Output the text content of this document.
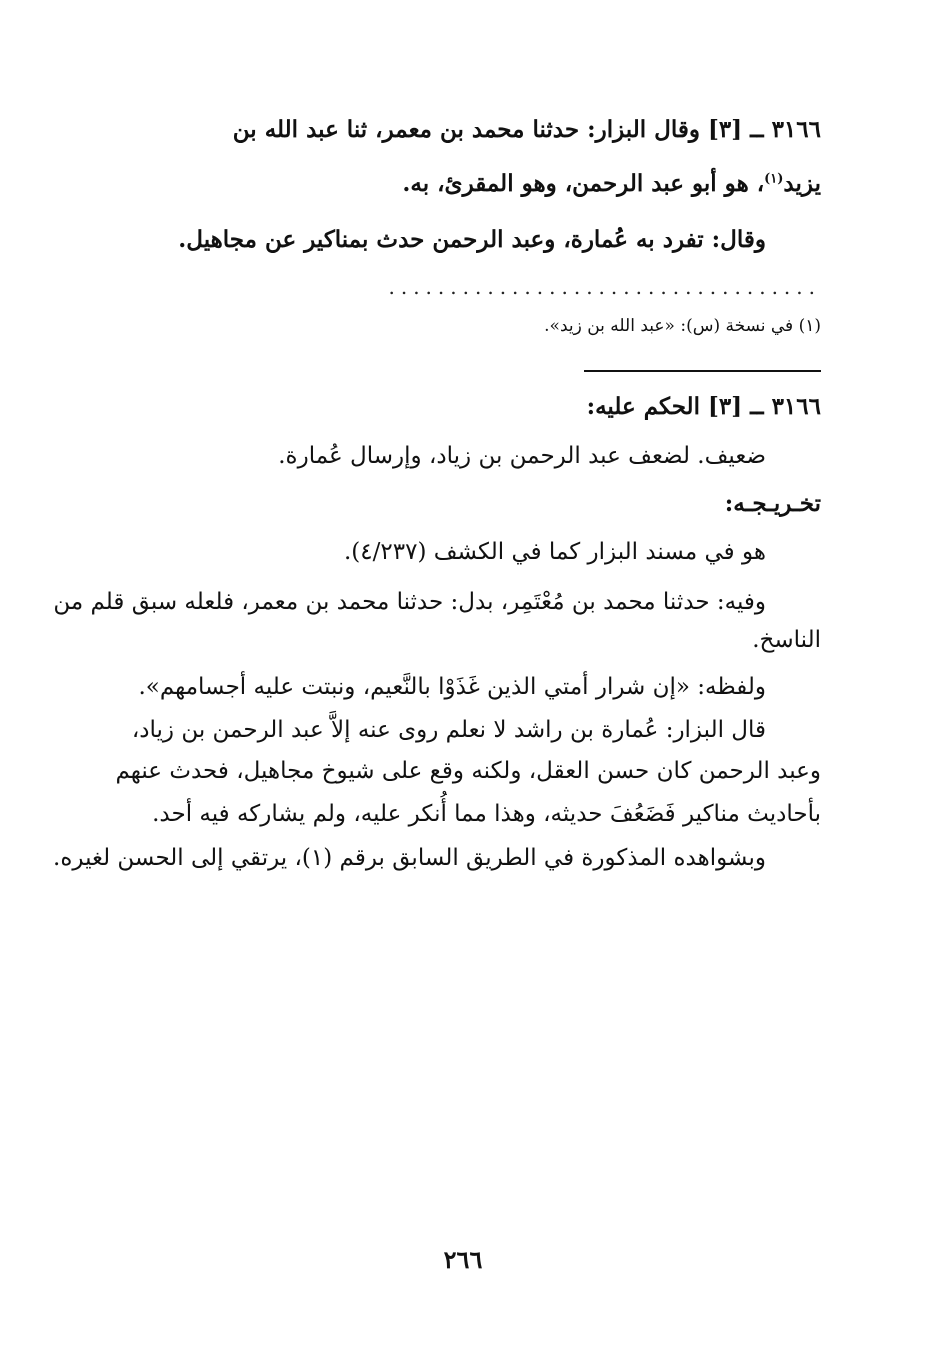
٣١٦٦ ــ [٣] وقال البزار: حدثنا محمد بن معمر، ثنا عبد الله بن

يزيد$^{(١)}$، هو أبو عبد الرحمن، وهو المقرئ، به.

وقال: تفرد به عُمارة، وعبد الرحمن حدث بمناكير عن مجاهيل.

...................................
(١) في نسخة (س): «عبد الله بن زيد».
٣١٦٦ ــ [٣] الحكم عليه:

ضعيف. لضعف عبد الرحمن بن زياد، وإرسال عُمارة.

تخـريـجـه:

هو في مسند البزار كما في الكشف (٤/٢٣٧).

وفيه: حدثنا محمد بن مُعْتَمِر، بدل: حدثنا محمد بن معمر، فلعله سبق قلم من

الناسخ.

ولفظه: «إن شرار أمتي الذين غَذَوْا بالنَّعيم، ونبتت عليه أجسامهم».

قال البزار: عُمارة بن راشد لا نعلم روى عنه إلاَّ عبد الرحمن بن زياد،

وعبد الرحمن كان حسن العقل، ولكنه وقع على شيوخ مجاهيل، فحدث عنهم

بأحاديث مناكير فَضَعُفَ حديثه، وهذا مما أُنكر عليه، ولم يشاركه فيه أحد.

وبشواهده المذكورة في الطريق السابق برقم (١)، يرتقي إلى الحسن لغيره.

٢٦٦
